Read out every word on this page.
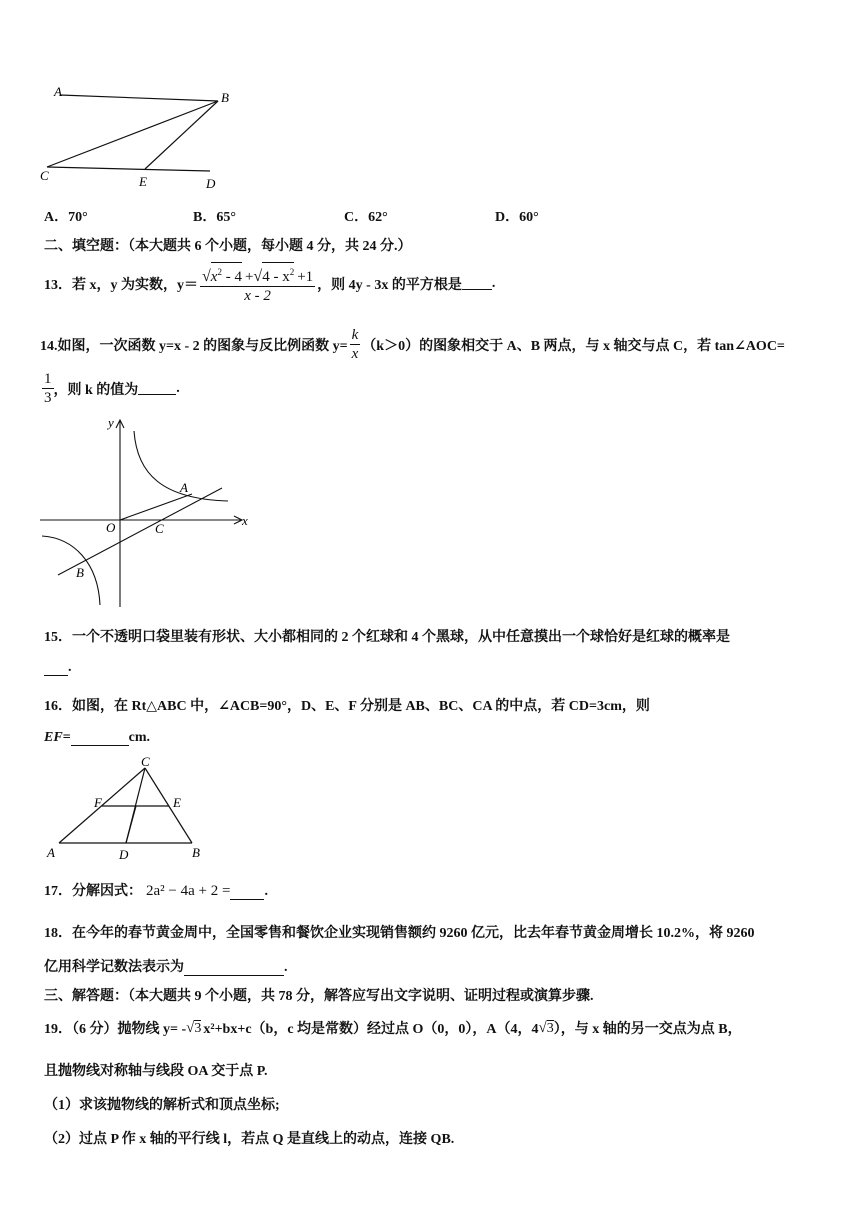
A	B
C	E	D
A．70°	B．65°	C．62°	D．60°
二、填空题：（本大题共 6 个小题，每小题 4 分，共 24 分.）
13．若 x，y 为实数，$y= \frac{√ x^2 - 4 + √ 4 - x^2 +1}{x - 2}$ ，则 4y - 3x 的平方根是 .
14.如图，一次函数 y=x - 2 的图象与反比例函数 $y= \frac{k}{x} (k>0)$的图象相交于 A、B 两点，与 x 轴交与点 C，若 tan∠AOC=
$\frac{1}{3}$ ，则 k 的值为	.
y
x
O	C
A
B
15．一个不透明口袋里装有形状、大小都相同的 2 个红球和 4 个黑球，从中任意摸出一个球恰好是红球的概率是
.
16．如图，在 Rt△ABC 中，∠ACB=90°，D、E、F 分别是 AB、BC、CA 的中点，若 CD=3cm，则
EF=	cm.
C
F	E
A	D	B
17．分解因式： 2a² − 4a + 2 = .
18．在今年的春节黄金周中，全国零售和餐饮企业实现销售额约 9260 亿元，比去年春节黄金周增长 10.2%，将 9260
亿用科学记数法表示为	.
三、解答题：（本大题共 9 个小题，共 78 分，解答应写出文字说明、证明过程或演算步骤.
19．（6 分）抛物线 y= - √ 3 x²+bx+c（b，c 均是常数）经过点 O（0，0），A（4，4 √ 3 ），与 x 轴的另一交点为点 B，
且抛物线对称轴与线段 OA 交于点 P.
（1）求该抛物线的解析式和顶点坐标;
（2）过点 P 作 x 轴的平行线 l，若点 Q 是直线上的动点，连接 QB.
